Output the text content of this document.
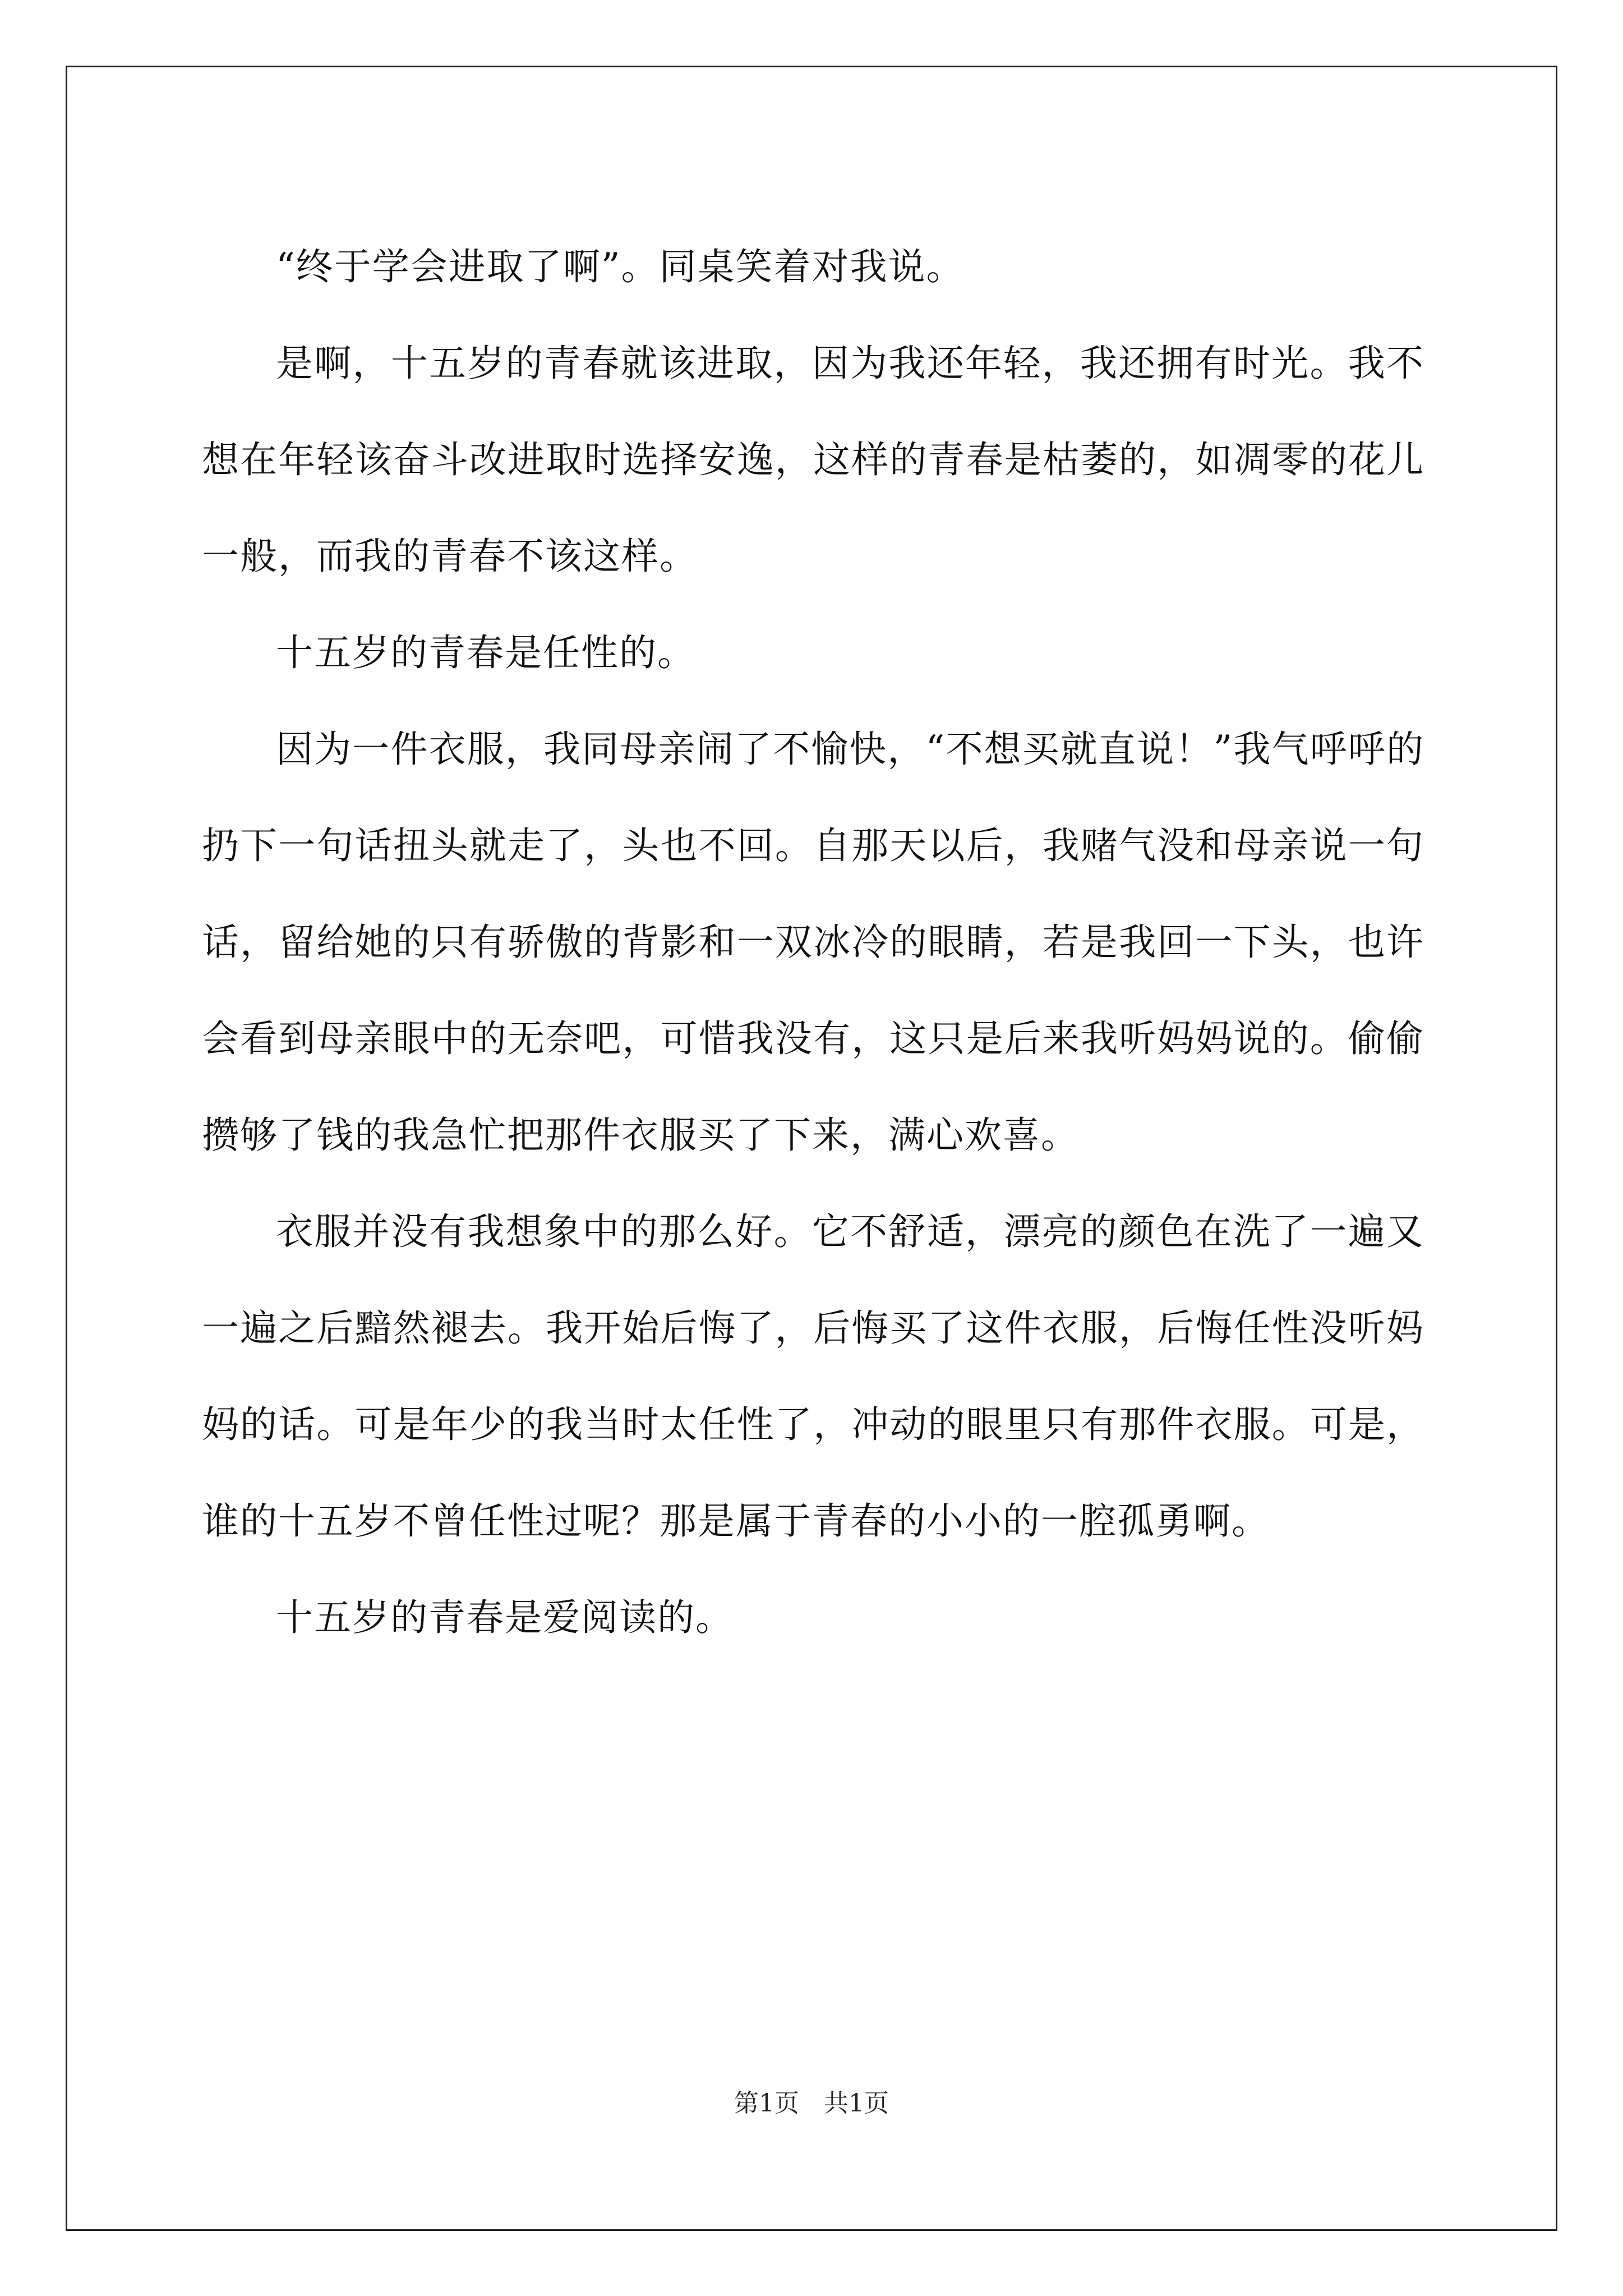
“终于学会进取了啊”。同桌笑着对我说。

是啊，十五岁的青春就该进取，因为我还年轻，我还拥有时光。我不想在年轻该奋斗改进取时选择安逸，这样的青春是枯萎的，如凋零的花儿一般，而我的青春不该这样。

十五岁的青春是任性的。

因为一件衣服，我同母亲闹了不愉快，“不想买就直说！”我气呼呼的扔下一句话扭头就走了，头也不回。自那天以后，我赌气没和母亲说一句话，留给她的只有骄傲的背影和一双冰冷的眼睛，若是我回一下头，也许会看到母亲眼中的无奈吧，可惜我没有，这只是后来我听妈妈说的。偷偷攒够了钱的我急忙把那件衣服买了下来，满心欢喜。

衣服并没有我想象中的那么好。它不舒适，漂亮的颜色在洗了一遍又一遍之后黯然褪去。我开始后悔了，后悔买了这件衣服，后悔任性没听妈妈的话。可是年少的我当时太任性了，冲动的眼里只有那件衣服。可是，谁的十五岁不曾任性过呢？那是属于青春的小小的一腔孤勇啊。

十五岁的青春是爱阅读的。

第1页　共1页
